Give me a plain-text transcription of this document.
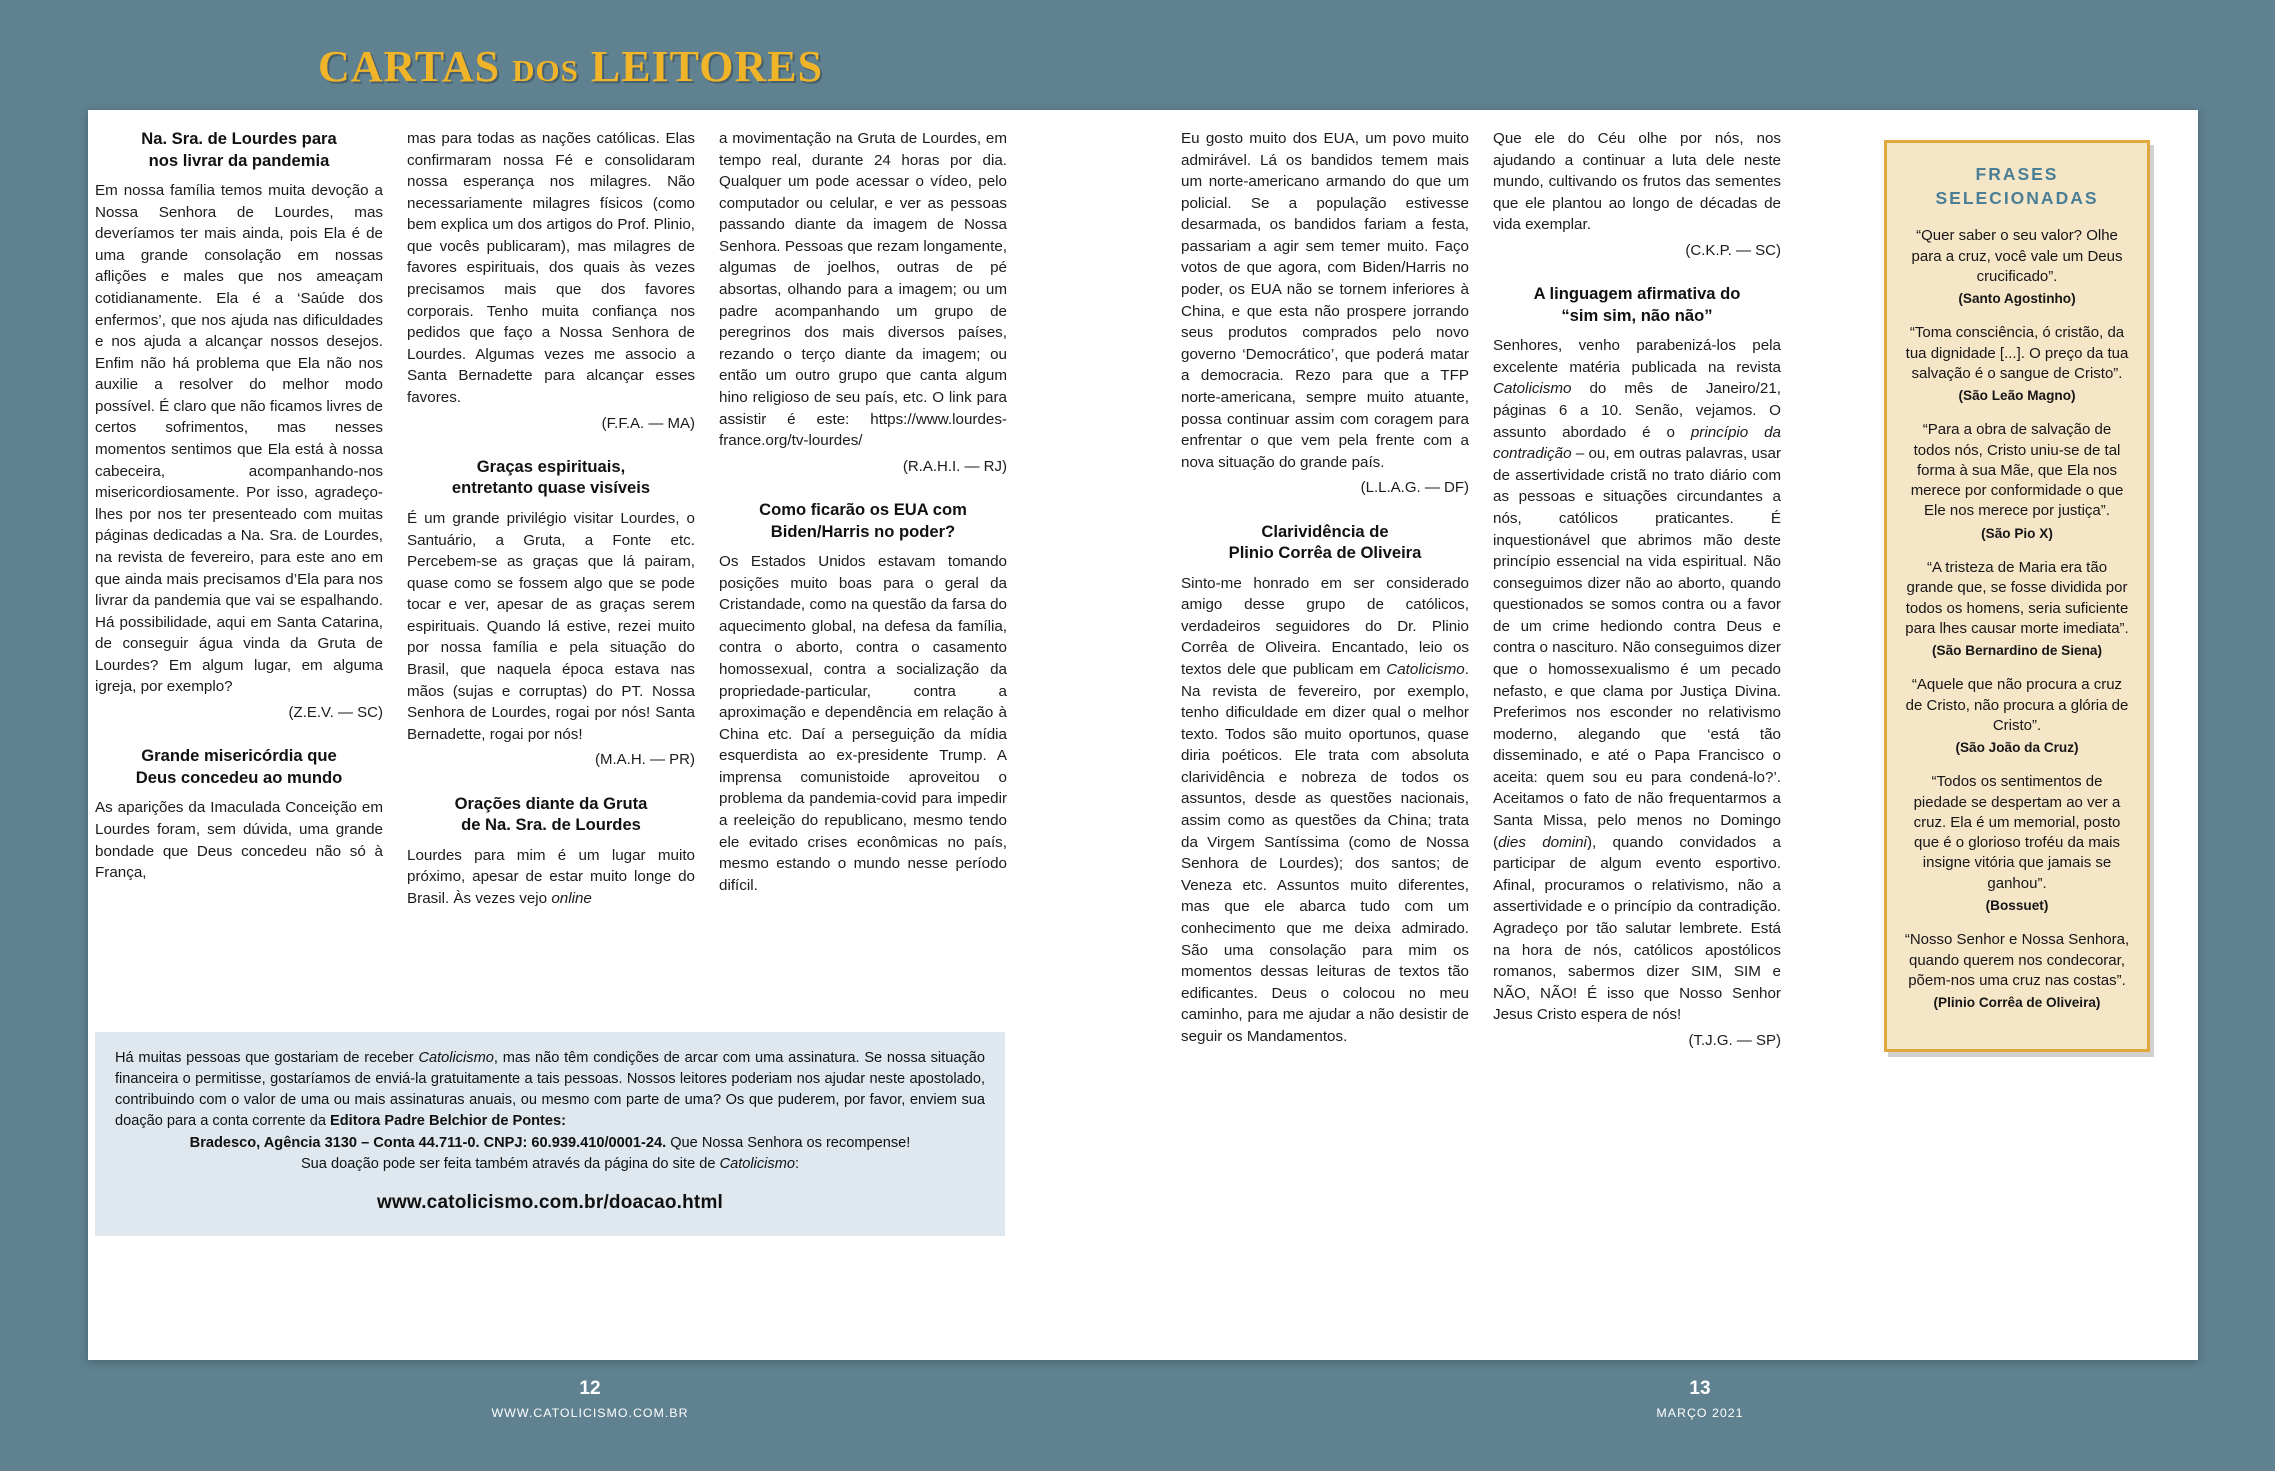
CARTAS DOS LEITORES
Na. Sra. de Lourdes para
nos livrar da pandemia

Em nossa família temos muita devoção a Nossa Senhora de Lourdes, mas deveríamos ter mais ainda, pois Ela é de uma grande consolação em nossas aflições e males que nos ameaçam cotidianamente. Ela é a ‘Saúde dos enfermos’, que nos ajuda nas dificuldades e nos ajuda a alcançar nossos desejos. Enfim não há problema que Ela não nos auxilie a resolver do melhor modo possível. É claro que não ficamos livres de certos sofrimentos, mas nesses momentos sentimos que Ela está à nossa cabeceira, acompanhando-nos misericordiosamente. Por isso, agradeço-lhes por nos ter presenteado com muitas páginas dedicadas a Na. Sra. de Lourdes, na revista de fevereiro, para este ano em que ainda mais precisamos d’Ela para nos livrar da pandemia que vai se espalhando. Há possibilidade, aqui em Santa Catarina, de conseguir água vinda da Gruta de Lourdes? Em algum lugar, em alguma igreja, por exemplo?

(Z.E.V. — SC)
Grande misericórdia que
Deus concedeu ao mundo

As aparições da Imaculada Conceição em Lourdes foram, sem dúvida, uma grande bondade que Deus concedeu não só à França,

mas para todas as nações católicas. Elas confirmaram nossa Fé e consolidaram nossa esperança nos milagres. Não necessariamente milagres físicos (como bem explica um dos artigos do Prof. Plinio, que vocês publicaram), mas milagres de favores espirituais, dos quais às vezes precisamos mais que dos favores corporais. Tenho muita confiança nos pedidos que faço a Nossa Senhora de Lourdes. Algumas vezes me associo a Santa Bernadette para alcançar esses favores.

(F.F.A. — MA)
Graças espirituais,
entretanto quase visíveis

É um grande privilégio visitar Lourdes, o Santuário, a Gruta, a Fonte etc. Percebem-se as graças que lá pairam, quase como se fossem algo que se pode tocar e ver, apesar de as graças serem espirituais. Quando lá estive, rezei muito por nossa família e pela situação do Brasil, que naquela época estava nas mãos (sujas e corruptas) do PT. Nossa Senhora de Lourdes, rogai por nós! Santa Bernadette, rogai por nós!

(M.A.H. — PR)
Orações diante da Gruta
de Na. Sra. de Lourdes

Lourdes para mim é um lugar muito próximo, apesar de estar muito longe do Brasil. Às vezes vejo online

a movimentação na Gruta de Lourdes, em tempo real, durante 24 horas por dia. Qualquer um pode acessar o vídeo, pelo computador ou celular, e ver as pessoas passando diante da imagem de Nossa Senhora. Pessoas que rezam longamente, algumas de joelhos, outras de pé absortas, olhando para a imagem; ou um padre acompanhando um grupo de peregrinos dos mais diversos países, rezando o terço diante da imagem; ou então um outro grupo que canta algum hino religioso de seu país, etc. O link para assistir é este: https://www.lourdes-france.org/tv-lourdes/

(R.A.H.I. — RJ)
Como ficarão os EUA com
Biden/Harris no poder?

Os Estados Unidos estavam tomando posições muito boas para o geral da Cristandade, como na questão da farsa do aquecimento global, na defesa da família, contra o aborto, contra o casamento homossexual, contra a socialização da propriedade-particular, contra a aproximação e dependência em relação à China etc. Daí a perseguição da mídia esquerdista ao ex-presidente Trump. A imprensa comunistoide aproveitou o problema da pandemia-covid para impedir a reeleição do republicano, mesmo tendo ele evitado crises econômicas no país, mesmo estando o mundo nesse período difícil.

Eu gosto muito dos EUA, um povo muito admirável. Lá os bandidos temem mais um norte-americano armando do que um policial. Se a população estivesse desarmada, os bandidos fariam a festa, passariam a agir sem temer muito. Faço votos de que agora, com Biden/Harris no poder, os EUA não se tornem inferiores à China, e que esta não prospere jorrando seus produtos comprados pelo novo governo ‘Democrático’, que poderá matar a democracia. Rezo para que a TFP norte-americana, sempre muito atuante, possa continuar assim com coragem para enfrentar o que vem pela frente com a nova situação do grande país.

(L.L.A.G. — DF)
Clarividência de
Plinio Corrêa de Oliveira

Sinto-me honrado em ser considerado amigo desse grupo de católicos, verdadeiros seguidores do Dr. Plinio Corrêa de Oliveira. Encantado, leio os textos dele que publicam em Catolicismo. Na revista de fevereiro, por exemplo, tenho dificuldade em dizer qual o melhor texto. Todos são muito oportunos, quase diria poéticos. Ele trata com absoluta clarividência e nobreza de todos os assuntos, desde as questões nacionais, assim como as questões da China; trata da Virgem Santíssima (como de Nossa Senhora de Lourdes); dos santos; de Veneza etc. Assuntos muito diferentes, mas que ele abarca tudo com um conhecimento que me deixa admirado. São uma consolação para mim os momentos dessas leituras de textos tão edificantes. Deus o colocou no meu caminho, para me ajudar a não desistir de seguir os Mandamentos.

Que ele do Céu olhe por nós, nos ajudando a continuar a luta dele neste mundo, cultivando os frutos das sementes que ele plantou ao longo de décadas de vida exemplar.

(C.K.P. — SC)
A linguagem afirmativa do
“sim sim, não não”

Senhores, venho parabenizá-los pela excelente matéria publicada na revista Catolicismo do mês de Janeiro/21, páginas 6 a 10. Senão, vejamos. O assunto abordado é o princípio da contradição – ou, em outras palavras, usar de assertividade cristã no trato diário com as pessoas e situações circundantes a nós, católicos praticantes. É inquestionável que abrimos mão deste princípio essencial na vida espiritual. Não conseguimos dizer não ao aborto, quando questionados se somos contra ou a favor de um crime hediondo contra Deus e contra o nascituro. Não conseguimos dizer que o homossexualismo é um pecado nefasto, e que clama por Justiça Divina. Preferimos nos esconder no relativismo moderno, alegando que ‘está tão disseminado, e até o Papa Francisco o aceita: quem sou eu para condená-lo?’. Aceitamos o fato de não frequentarmos a Santa Missa, pelo menos no Domingo (dies domini), quando convidados a participar de algum evento esportivo. Afinal, procuramos o relativismo, não a assertividade e o princípio da contradição. Agradeço por tão salutar lembrete. Está na hora de nós, católicos apostólicos romanos, sabermos dizer SIM, SIM e NÃO, NÃO! É isso que Nosso Senhor Jesus Cristo espera de nós!

(T.J.G. — SP)
Há muitas pessoas que gostariam de receber Catolicismo, mas não têm condições de arcar com uma assinatura. Se nossa situação financeira o permitisse, gostaríamos de enviá-la gratuitamente a tais pessoas. Nossos leitores poderiam nos ajudar neste apostolado, contribuindo com o valor de uma ou mais assinaturas anuais, ou mesmo com parte de uma? Os que puderem, por favor, enviem sua doação para a conta corrente da Editora Padre Belchior de Pontes:
Bradesco, Agência 3130 – Conta 44.711-0. CNPJ: 60.939.410/0001-24. Que Nossa Senhora os recompense!
Sua doação pode ser feita também através da página do site de Catolicismo:
www.catolicismo.com.br/doacao.html
FRASES
SELECIONADAS
“Quer saber o seu valor? Olhe para a cruz, você vale um Deus crucificado”.
(Santo Agostinho)
“Toma consciência, ó cristão, da tua dignidade [...]. O preço da tua salvação é o sangue de Cristo”.
(São Leão Magno)
“Para a obra de salvação de todos nós, Cristo uniu-se de tal forma à sua Mãe, que Ela nos merece por conformidade o que Ele nos merece por justiça”.
(São Pio X)
“A tristeza de Maria era tão grande que, se fosse dividida por todos os homens, seria suficiente para lhes causar morte imediata”.
(São Bernardino de Siena)
“Aquele que não procura a cruz de Cristo, não procura a glória de Cristo”.
(São João da Cruz)
“Todos os sentimentos de piedade se despertam ao ver a cruz. Ela é um memorial, posto que é o glorioso troféu da mais insigne vitória que jamais se ganhou”.
(Bossuet)
“Nosso Senhor e Nossa Senhora, quando querem nos condecorar, põem-nos uma cruz nas costas”.
(Plinio Corrêa de Oliveira)
12
WWW.CATOLICISMO.COM.BR
13
MARÇO 2021
